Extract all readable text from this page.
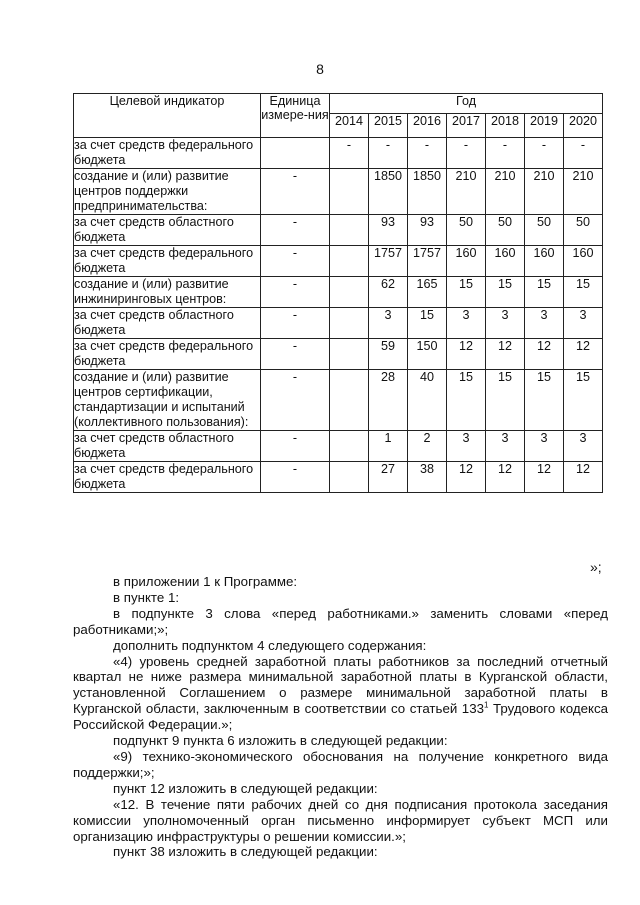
8
Целевой индикатор	Единица измере-ния	Год						
		2014	2015	2016	2017	2018	2019	2020
за счет средств федерального бюджета		-	-	-	-	-	-	-
создание и (или) развитие центров поддержки предпринимательства:	-		1850	1850	210	210	210	210
за счет средств областного бюджета	-		93	93	50	50	50	50
за счет средств федерального бюджета	-		1757	1757	160	160	160	160
создание и (или) развитие инжиниринговых центров:	-		62	165	15	15	15	15
за счет средств областного бюджета	-		3	15	3	3	3	3
за счет средств федерального бюджета	-		59	150	12	12	12	12
создание и (или) развитие центров сертификации, стандартизации и испытаний (коллективного пользования):	-		28	40	15	15	15	15
за счет средств областного бюджета	-		1	2	3	3	3	3
за счет средств федерального бюджета	-		27	38	12	12	12	12
»;

в приложении 1 к Программе:

в пункте 1:

в подпункте 3 слова «перед работниками.» заменить словами «перед работниками;»;

дополнить подпунктом 4 следующего содержания:

«4) уровень средней заработной платы работников за последний отчетный квартал не ниже размера минимальной заработной платы в Курганской области, установленной Соглашением о размере минимальной заработной платы в Курганской области, заключенным в соответствии со статьей $133^1$ Трудового кодекса Российской Федерации.»;

подпункт 9 пункта 6 изложить в следующей редакции:

«9) технико-экономического обоснования на получение конкретного вида поддержки;»;

пункт 12 изложить в следующей редакции:

«12. В течение пяти рабочих дней со дня подписания протокола заседания комиссии уполномоченный орган письменно информирует субъект МСП или организацию инфраструктуры о решении комиссии.»;

пункт 38 изложить в следующей редакции:
